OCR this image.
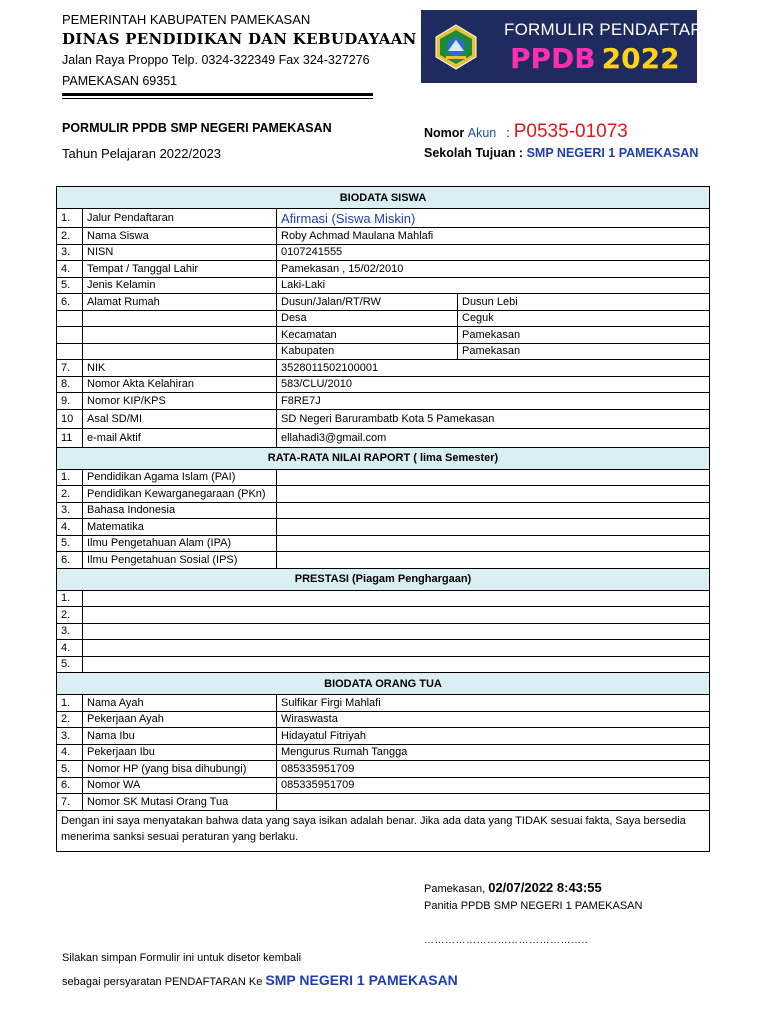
PEMERINTAH KABUPATEN PAMEKASAN
DINAS PENDIDIKAN DAN KEBUDAYAAN
Jalan Raya Proppo Telp. 0324-322349 Fax 324-327276
PAMEKASAN 69351
FORMULIR PENDAFTARAN
PPDB 2022
PORMULIR PPDB SMP NEGERI PAMEKASAN
Tahun Pelajaran 2022/2023
Nomor Akun : P0535-01073
Sekolah Tujuan : SMP NEGERI 1 PAMEKASAN
BIODATA SISWA			
1.	Jalur Pendaftaran	Afirmasi (Siswa Miskin)	
2.	Nama Siswa	Roby Achmad Maulana Mahlafi	
3.	NISN	0107241555	
4.	Tempat / Tanggal Lahir	Pamekasan , 15/02/2010	
5.	Jenis Kelamin	Laki-Laki	
6.	Alamat Rumah	Dusun/Jalan/RT/RW	Dusun Lebi
		Desa	Ceguk
		Kecamatan	Pamekasan
		Kabupaten	Pamekasan
7.	NIK	3528011502100001	
8.	Nomor Akta Kelahiran	583/CLU/2010	
9.	Nomor KIP/KPS	F8RE7J	
10	Asal SD/MI	SD Negeri Barurambatb Kota 5 Pamekasan	
11	e-mail Aktif	ellahadi3@gmail.com	
RATA-RATA NILAI RAPORT ( lima Semester)			
1.	Pendidikan Agama Islam (PAI)		
2.	Pendidikan Kewarganegaraan (PKn)		
3.	Bahasa Indonesia		
4.	Matematika		
5.	Ilmu Pengetahuan Alam (IPA)		
6.	Ilmu Pengetahuan Sosial (IPS)		
PRESTASI (Piagam Penghargaan)			
1.			
2.			
3.			
4.			
5.			
BIODATA ORANG TUA			
1.	Nama Ayah	Sulfikar Firgi Mahlafi	
2.	Pekerjaan Ayah	Wiraswasta	
3.	Nama Ibu	Hidayatul Fitriyah	
4.	Pekerjaan Ibu	Mengurus Rumah Tangga	
5.	Nomor HP (yang bisa dihubungi)	085335951709	
6.	Nomor WA	085335951709	
7.	Nomor SK Mutasi Orang Tua		
Dengan ini saya menyatakan bahwa data yang saya isikan adalah benar. Jika ada data yang TIDAK sesuai fakta, Saya bersedia menerima sanksi sesuai peraturan yang berlaku.			
Pamekasan, 02/07/2022 8:43:55
Panitia PPDB SMP NEGERI 1 PAMEKASAN
………………………………………..
Silakan simpan Formulir ini untuk disetor kembali
sebagai persyaratan PENDAFTARAN Ke SMP NEGERI 1 PAMEKASAN
